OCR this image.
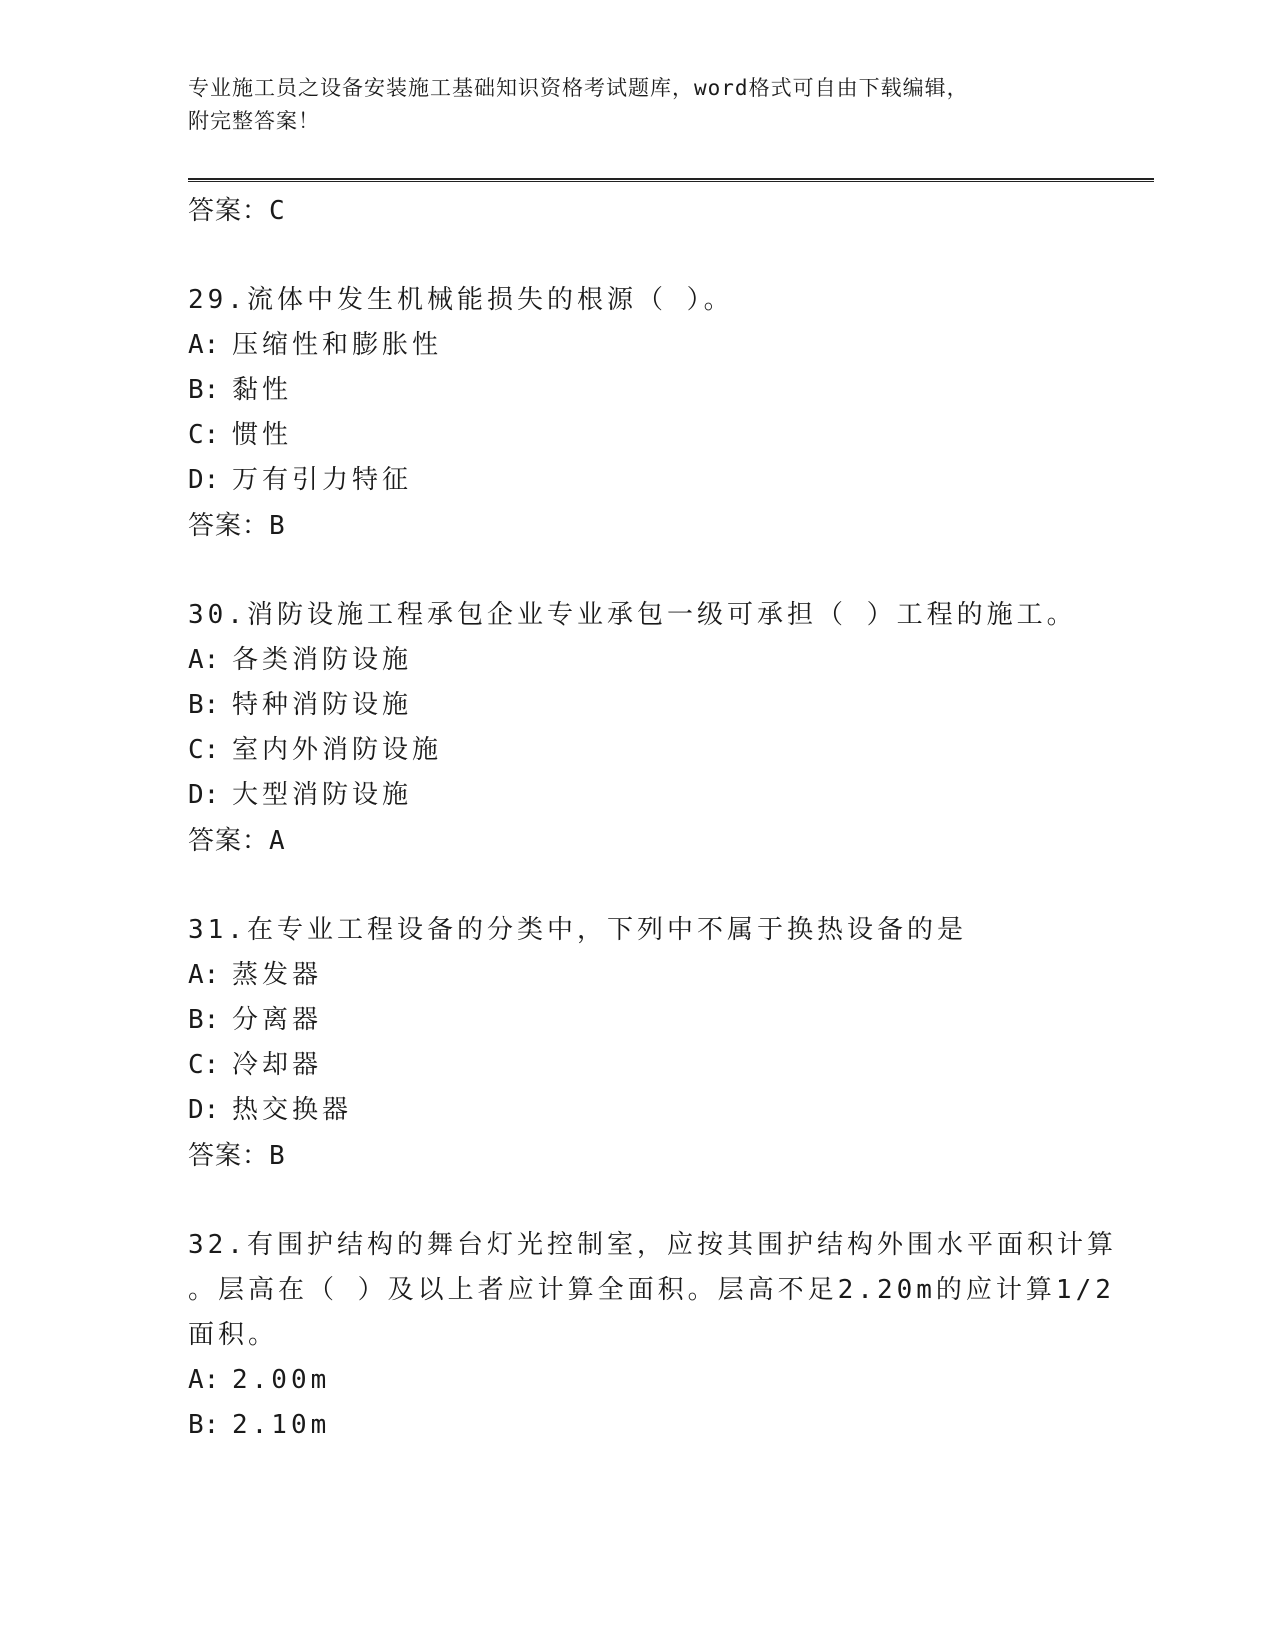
专业施工员之设备安装施工基础知识资格考试题库，word格式可自由下载编辑，
附完整答案！
答案：C
29.流体中发生机械能损失的根源（ ）。
A: 压缩性和膨胀性
B: 黏性
C: 惯性
D: 万有引力特征
答案：B
30.消防设施工程承包企业专业承包一级可承担（ ）工程的施工。
A: 各类消防设施
B: 特种消防设施
C: 室内外消防设施
D: 大型消防设施
答案：A
31.在专业工程设备的分类中，下列中不属于换热设备的是
A: 蒸发器
B: 分离器
C: 冷却器
D: 热交换器
答案：B
32.有围护结构的舞台灯光控制室，应按其围护结构外围水平面积计算
。层高在（ ）及以上者应计算全面积。层高不足2.20m的应计算1/2
面积。
A: 2.00m
B: 2.10m
